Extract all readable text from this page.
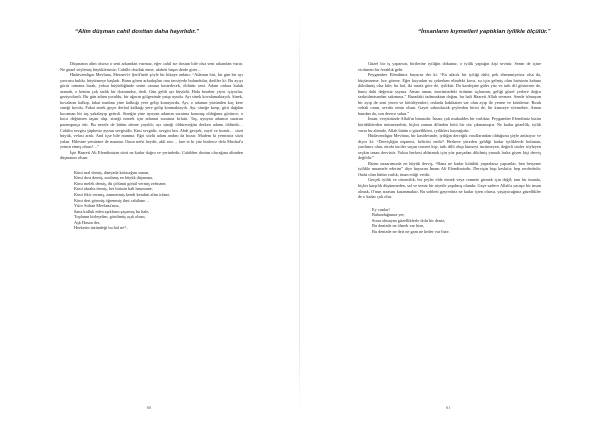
“Alim düşman cahil dosttan daha hayırlıdır.”

Düşmanın alim olursa o seni arkandan vurmaz, eğer cahil ise dostun bile olsa seni arkandan vurur. Ne güzel söylemiş büyüklerimiz; Cahille dostluk etme, akıbeti başın derde girer…

Hüdavendigar Mevlana, Mesnevî-i Şerif'inde şöyle bir hikaye anlatır: “Adamın biri, bir gün bir ayı yavrusu buldu, büyütmeye başladı. Bunu gören arkadaşları ona tavsiyede bulundular, dediler ki: Bu ayıyı görür ormana bırak, yoksa büyüdüğünde senin canına kastedecek, öldürür seni. Adam onlara kulak asmadı, o benim çok sadık bir dostumdur, dedi. Gün geldi ayı büyüdü. Hala beraber yiyor içiyorlar, geziyorlardı. Bir gün adam yoruldu, bir ağacın gölgesinde yatıp uyudu. Ayı sinek kovalamaktaydı. Sinek, kovaların kalkıp, fakat inadına yine kalktığı yere gelip konuyordu. Ayı, o adamın yüzünden kaç kere sineği kovdu. Fakat sinek geçer derhal kalktığı yere gelip konmaktaydı. Ayı, sineğe kızıp, gitti dağdan kocaman bir taş yakalayıp getirdi. Sineğin yine uyuyan adamın suratına konmuş olduğunu görünce, o koca değirmen taşını alıp, sineği ezmek için adamın suratına fırlattı. Taş, uyuyan adamın suratını paramparça etti. Bu nesele de bütün aleme yayıldı; ayı sineği öldüreceğim derken adamı öldürdü… Cahilin sevgisi şüphesiz ayının sevgisidir. Kini sevgidir, sevgisi kin. Abdi gevşek, zayıf ve bozuk… sözü büyük, vefası artık. And içse bile manma. Eğri sözlü adam andını da bozar. Madem ki yeminsiz sözü yalan. Hilesine yeminine de manma. Onun nefsi heydir, akli esir… fare et ki yüz binlerce defa Mushaf'a yemin etmiş olsun!…”

İşte Hazreti Ali Efendimizin sözü ne kadar doğru ve yerindedir. Cahilden dostun olacağına alimden düşmanın olsun.

Kimi mal demiş, dünyada kalacağını sanan,
Kimi dost demiş, sonlanış en büyük düşmana,
Kimi melek demiş, dü çölümü gönül vermiş zefmane,
Kimi akraba demiş, her birinin hali hasımane,
Kimi fikir vermiş, zanmetmiş kendi kendini alim irfane,
Kimi dert görmüş öğrenmiş ilmi cahilane…
Yüce Sultan Mevlana'mız,
Sana kulluk eden aşıkların şaşırmış bu hale,
Toplanın birleşelim, görülmüş açık olsun,
Aşk Hasan der,
Herkesin üstündeği bu hal ne?..
60
“İnsanların kıymetleri yaptıkları iyilikle ölçülür.”

Güzel bir iş yaparsın, birilerine iyiliğin dokunur, o iyilik yaptığın kişi sevinir. Senin de içine vicdanen bir ferahlık gelir.

Peygamber Efendimiz buyurur der ki: “En afacık bir iyiliği dahi, pek ehemmiyetsiz olsa da, küçümseme, hor görme. Eğer kuyudan su çekerken elindeki kova, su için gelmiş olan birisinin kabına dökülmüş olsa bile; bu hal, iki tarafa göre de, iyiliktir. Da kardeşine güler yüz ve tatlı dil göstersen de, bunu dahi değersiz sayma. Aman aman, üzerimizdeki örtünün uçlarının, geliği güzel yerlere doğru sarkıtılmasından sakınınız.” Buradaki tadamaktan doğan, bu hali Hazreti Allah sevmez. Sende tılmayan bir ayıp ile seni yeren ve kötüleyenleri, onlarda hakikaten var olan ayıp ile yerme ve kötüleme. Bırak vebali onun, sevabı senin olsun. Gayet sakınılacak şeylerden birisi de, bir kimseye sövmektir. Aman bundan da, son derece sakın.”

İnsan, veryüzünde Allah'ın binasıdır. İnsan, çok mukaddes bir varlıktır. Peygamber Efendimiz bizim körülüklerden mümezzehtir, hiçbir zaman dilinden kötü bir söz çıkmamıştır. Ne kadar güzellik, iyilik varsa bu alemde, Allah bütün o güzellikleri, iyilikleri kaynağıdır.

Hüdavendigar Mevlana, bir kasidesinde, iyiliğin derviğik vasıflarından olduğunu şöyle anlatıyor ve diyor ki: “Dervişliğin nişanesi, belirtisi nedir? Herkese yüreden geldiği kadar iyiliklerde bulunan, yardımcı olan, etrafa inciler saçan comert kişi, tatlı dilli olup kimseyi incitmeyen, değerli sözler söyleyen seçkin insan dervistir. Yoksa herkesi aldatmak için yüz parçadan dikilmiş yamalı hırka giyen kişi derviş değildir.”

Bizim nazarımızda en büyük derviş, “Bana ne kadar kötülük yaparlarsa yapsınlar, ben herşeme iyilikle muamele ederim” diye buyuran İmam Ali Efendimizdir. Dervişin başı keskitir; hep secdededir. Onda olan bütün varlık, iman ettiği verdir.

Gerçek iyilik ve cömertlik, bir şeyler elde etmek veya cennete girmek için değil; tam bir imanla, hiçbir karşılık düşünmeden, saf ve temiz bir niyetle yapılmış olandır. Gaye sadece Allah'a yaraşır bir insan olmak, O'nun rızasını kazanmaktır. Bu sohbeti gayretiniz ne kadar içten olursa, yaşayacağınız güzellikler de o kadar çok olur.

Ey canlar!
Bulunduğunuz yer,
Sonu olmayan güzelliklerle dolu bir deniz,
Bu denizde ne ölmek var bize,
Bu denizde ne dert ne gam ne keder var bize.
61
